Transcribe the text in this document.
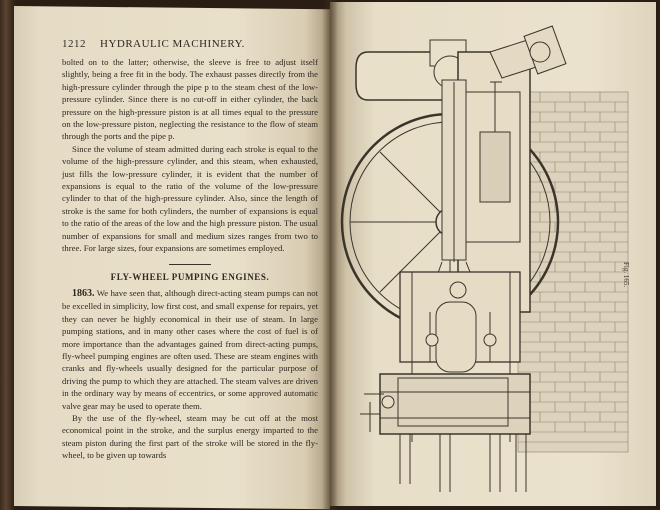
1212 HYDRAULIC MACHINERY.

bolted on to the latter; otherwise, the sleeve is free to adjust itself slightly, being a free fit in the body. The exhaust passes directly from the high-pressure cylinder through the pipe p to the steam chest of the low-pressure cylinder. Since there is no cut-off in either cylinder, the back pressure on the high-pressure piston is at all times equal to the pressure on the low-pressure piston, neglecting the resistance to the flow of steam through the ports and the pipe p.

Since the volume of steam admitted during each stroke is equal to the volume of the high-pressure cylinder, and this steam, when exhausted, just fills the low-pressure cylinder, it is evident that the number of expansions is equal to the ratio of the volume of the low-pressure cylinder to that of the high-pressure cylinder. Also, since the length of stroke is the same for both cylinders, the number of expansions is equal to the ratio of the areas of the low and the high pressure piston. The usual number of expansions for small and medium sizes ranges from two to three. For large sizes, four expansions are sometimes employed.

FLY-WHEEL PUMPING ENGINES.

1863. We have seen that, although direct-acting steam pumps can not be excelled in simplicity, low first cost, and small expense for repairs, yet they can never be highly economical in their use of steam. In large pumping stations, and in many other cases where the cost of fuel is of more importance than the advantages gained from direct-acting pumps, fly-wheel pumping engines are often used. These are steam engines with cranks and fly-wheels usually designed for the particular purpose of driving the pump to which they are attached. The steam valves are driven in the ordinary way by means of eccentrics, or some approved automatic valve gear may be used to operate them.

By the use of the fly-wheel, steam may be cut off at the most economical point in the stroke, and the surplus energy imparted to the steam piston during the first part of the stroke will be stored in the fly-wheel, to be given up towards

Fig. 165.
